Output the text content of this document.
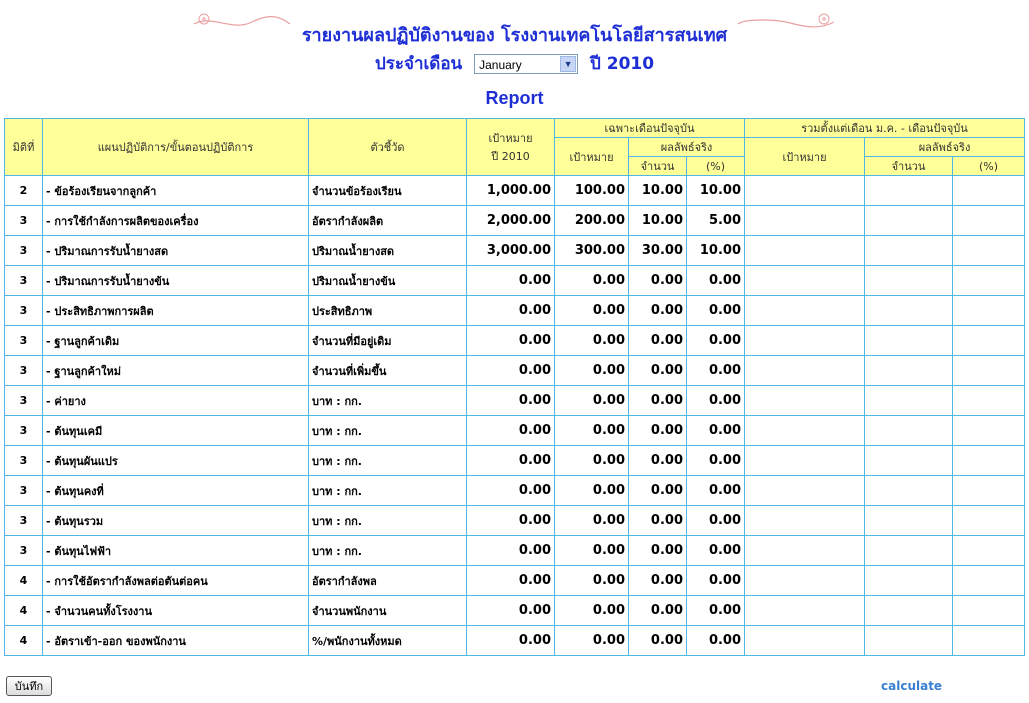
รายงานผลปฏิบัติงานของ โรงงานเทคโนโลยีสารสนเทศ
ประจำเดือน January	▼ ปี 2010
Report
มิติที่	แผนปฏิบัติการ/ขั้นตอนปฏิบัติการ	ตัวชี้วัด	เป้าหมาย
ปี 2010	เฉพาะเดือนปัจจุบัน			รวมตั้งแต่เดือน ม.ค. - เดือนปัจจุบัน		
				เป้าหมาย	ผลลัพธ์จริง		เป้าหมาย	ผลลัพธ์จริง	
					จำนวน	(%)		จำนวน	(%)
2	- ข้อร้องเรียนจากลูกค้า	จำนวนข้อร้องเรียน	1,000.00	100.00	10.00	10.00			
3	- การใช้กำลังการผลิตของเครื่อง	อัตรากำลังผลิต	2,000.00	200.00	10.00	5.00			
3	- ปริมาณการรับน้ำยางสด	ปริมาณน้ำยางสด	3,000.00	300.00	30.00	10.00			
3	- ปริมาณการรับน้ำยางข้น	ปริมาณน้ำยางข้น	0.00	0.00	0.00	0.00			
3	- ประสิทธิภาพการผลิต	ประสิทธิภาพ	0.00	0.00	0.00	0.00			
3	- ฐานลูกค้าเดิม	จำนวนที่มีอยู่เดิม	0.00	0.00	0.00	0.00			
3	- ฐานลูกค้าใหม่	จำนวนที่เพิ่มขึ้น	0.00	0.00	0.00	0.00			
3	- ค่ายาง	บาท : กก.	0.00	0.00	0.00	0.00			
3	- ต้นทุนเคมี	บาท : กก.	0.00	0.00	0.00	0.00			
3	- ต้นทุนผันแปร	บาท : กก.	0.00	0.00	0.00	0.00			
3	- ต้นทุนคงที่	บาท : กก.	0.00	0.00	0.00	0.00			
3	- ต้นทุนรวม	บาท : กก.	0.00	0.00	0.00	0.00			
3	- ต้นทุนไฟฟ้า	บาท : กก.	0.00	0.00	0.00	0.00			
4	- การใช้อัตรากำลังพลต่อตันต่อคน	อัตรากำลังพล	0.00	0.00	0.00	0.00			
4	- จำนวนคนทั้งโรงงาน	จำนวนพนักงาน	0.00	0.00	0.00	0.00			
4	- อัตราเข้า-ออก ของพนักงาน	%/พนักงานทั้งหมด	0.00	0.00	0.00	0.00			
บันทึก	calculate
